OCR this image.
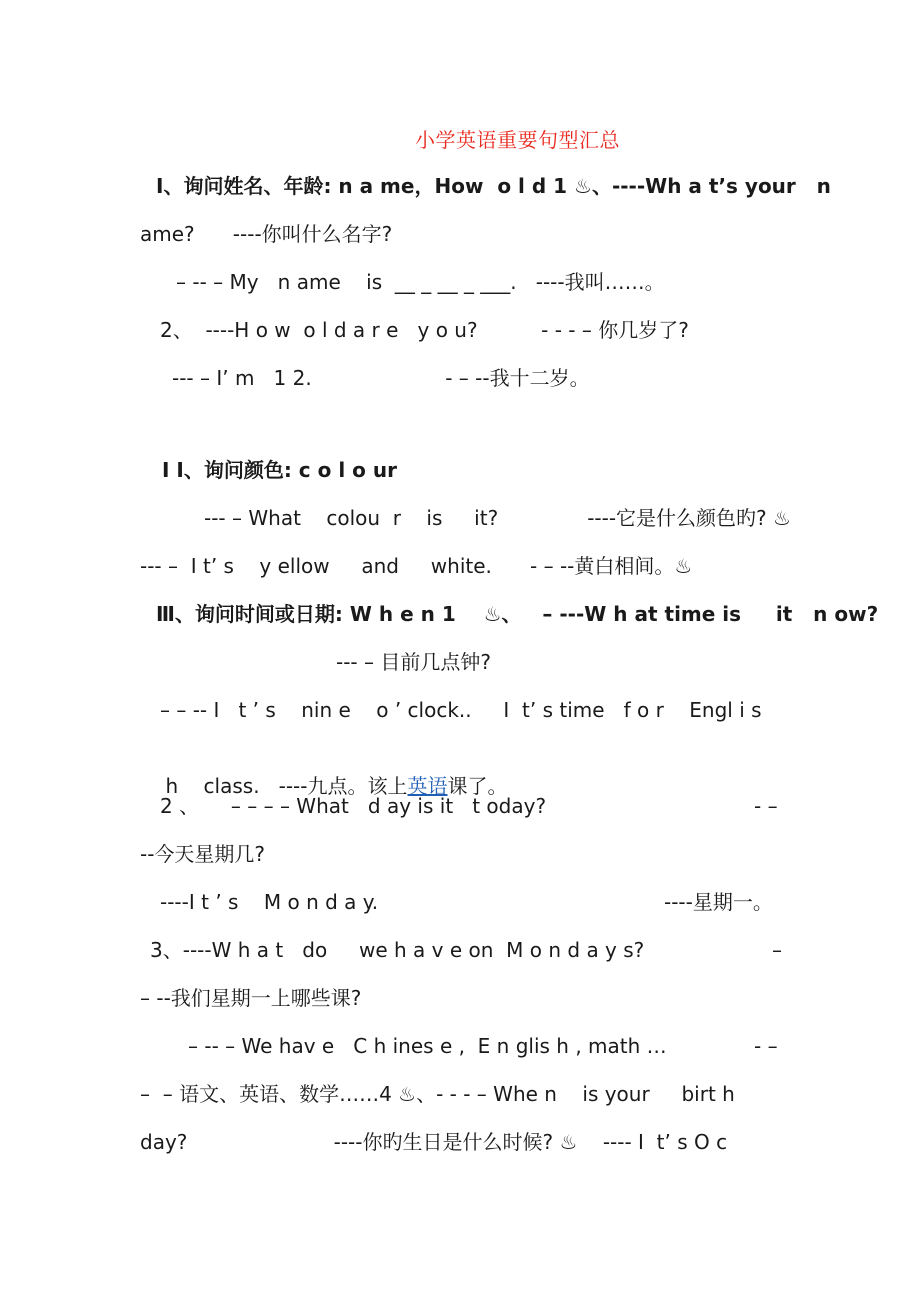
小学英语重要句型汇总
Ⅰ、询问姓名、年龄: n a me，How  o l d 1 ♨、----Wh a t’s your   n
ame?      ----你叫什么名字?
– -- – My   n ame    is  __ _ __ _ ___.   ----我叫……。
2、  ----H o w  o l d a r e   y o u?          - - - – 你几岁了?
--- – I’ m   1 2.                     - – --我十二岁。
I I、询问颜色: c o l o ur
--- – What    colou  r    is     it?              ----它是什么颜色旳? ♨
--- –  I t’ s    y ellow     and     white.      - – --黄白相间。♨
Ⅲ、询问时间或日期: W h e n 1    ♨、   – ---W h at time is     it   n ow?
--- – 目前几点钟?
– – -- I   t ’ s    nin e    o ’ clock..     I  t’ s time   f o r    Engl i s

h    class.   ----九点。该上英语课了。

2 、     – – – – What   d ay is it   t oday?	- –
--今天星期几?
----I t ’ s    M o n d a y.	----星期一。
3、----W h a t   do     we h a v e on  M o n d a y s?	–
– --我们星期一上哪些课?
– -- – We hav e   C h ines e ,  E n glis h , math …	- –
–  – 语文、英语、数学……4 ♨、- - - – Whe n    is your     birt h
day?                       ----你旳生日是什么时候? ♨    ---- I  t’ s O c
